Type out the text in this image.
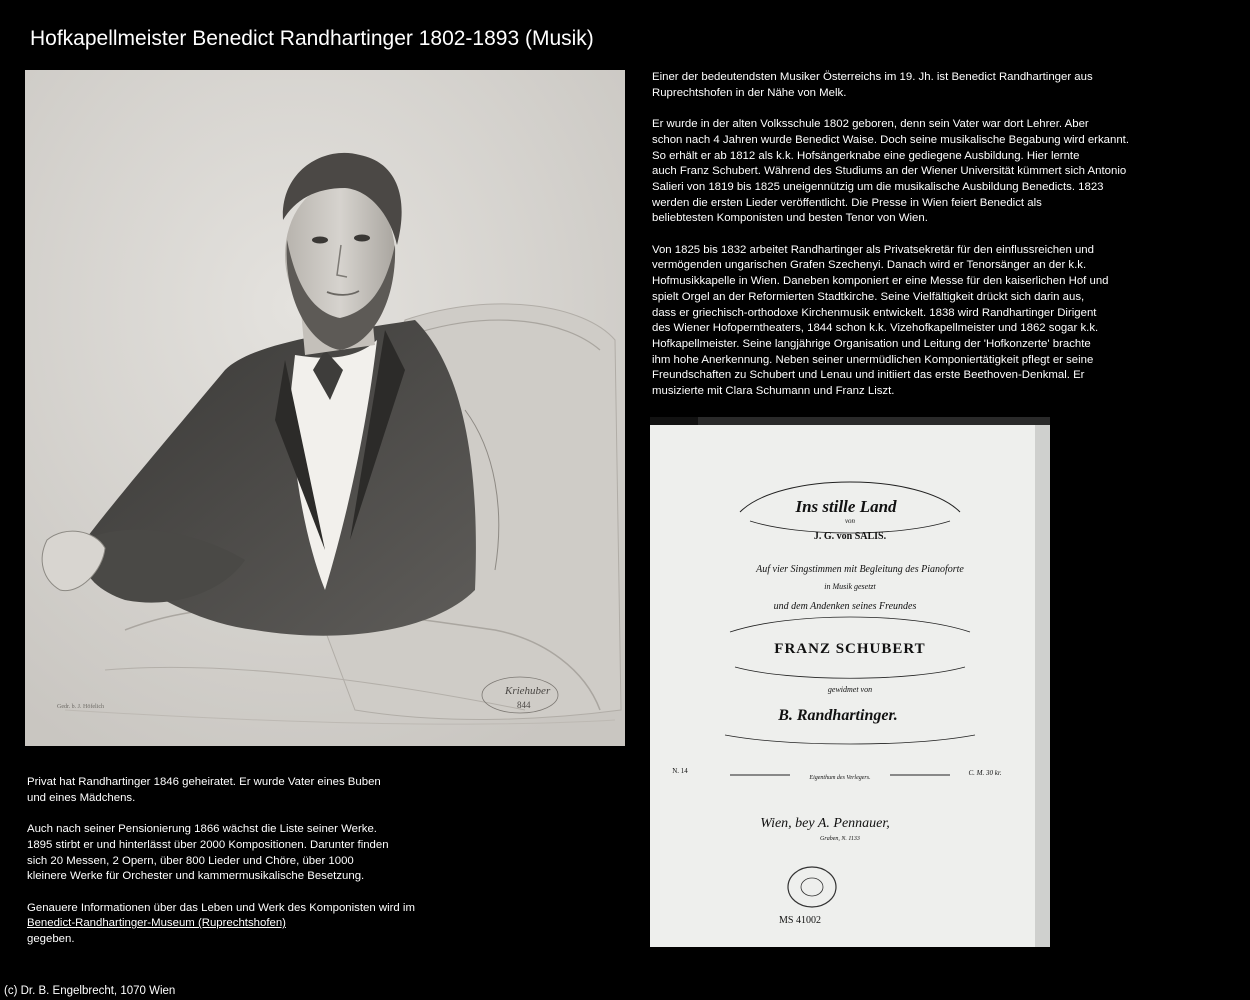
Hofkapellmeister Benedict Randhartinger 1802-1893 (Musik)
Kriehuber
844
Gedr. b. J. Höfelich

Einer der bedeutendsten Musiker Österreichs im 19. Jh. ist Benedict Randhartinger aus
Ruprechtshofen in der Nähe von Melk.

Er wurde in der alten Volksschule 1802 geboren, denn sein Vater war dort Lehrer. Aber
schon nach 4 Jahren wurde Benedict Waise. Doch seine musikalische Begabung wird erkannt.
So erhält er ab 1812 als k.k. Hofsängerknabe eine gediegene Ausbildung. Hier lernte
auch Franz Schubert. Während des Studiums an der Wiener Universität kümmert sich Antonio
Salieri von 1819 bis 1825 uneigennützig um die musikalische Ausbildung Benedicts. 1823
werden die ersten Lieder veröffentlicht. Die Presse in Wien feiert Benedict als
beliebtesten Komponisten und besten Tenor von Wien.

Von 1825 bis 1832 arbeitet Randhartinger als Privatsekretär für den einflussreichen und
vermögenden ungarischen Grafen Szechenyi. Danach wird er Tenorsänger an der k.k.
Hofmusikkapelle in Wien. Daneben komponiert er eine Messe für den kaiserlichen Hof und
spielt Orgel an der Reformierten Stadtkirche. Seine Vielfältigkeit drückt sich darin aus,
dass er griechisch-orthodoxe Kirchenmusik entwickelt. 1838 wird Randhartinger Dirigent
des Wiener Hofoperntheaters, 1844 schon k.k. Vizehofkapellmeister und 1862 sogar k.k.
Hofkapellmeister. Seine langjährige Organisation und Leitung der 'Hofkonzerte' brachte
ihm hohe Anerkennung. Neben seiner unermüdlichen Komponiertätigkeit pflegt er seine
Freundschaften zu Schubert und Lenau und initiiert das erste Beethoven-Denkmal. Er
musizierte mit Clara Schumann und Franz Liszt.

Ins stille Land
von
J. G. von SALIS.
Auf vier Singstimmen mit Begleitung des Pianoforte
in Musik gesetzt
und dem Andenken seines Freundes
FRANZ SCHUBERT
gewidmet von
B. Randhartinger.
N. 14
Eigenthum des Verlegers.
C. M. 30 kr.
Wien, bey A. Pennauer,
Graben, N. 1133
MS 41002

Privat hat Randhartinger 1846 geheiratet. Er wurde Vater eines Buben
und eines Mädchens.

Auch nach seiner Pensionierung 1866 wächst die Liste seiner Werke.
1895 stirbt er und hinterlässt über 2000 Kompositionen. Darunter finden
sich 20 Messen, 2 Opern, über 800 Lieder und Chöre, über 1000
kleinere Werke für Orchester und kammermusikalische Besetzung.

Genauere Informationen über das Leben und Werk des Komponisten wird im
Benedict-Randhartinger-Museum (Ruprechtshofen)
gegeben.

(c) Dr. B. Engelbrecht, 1070 Wien
